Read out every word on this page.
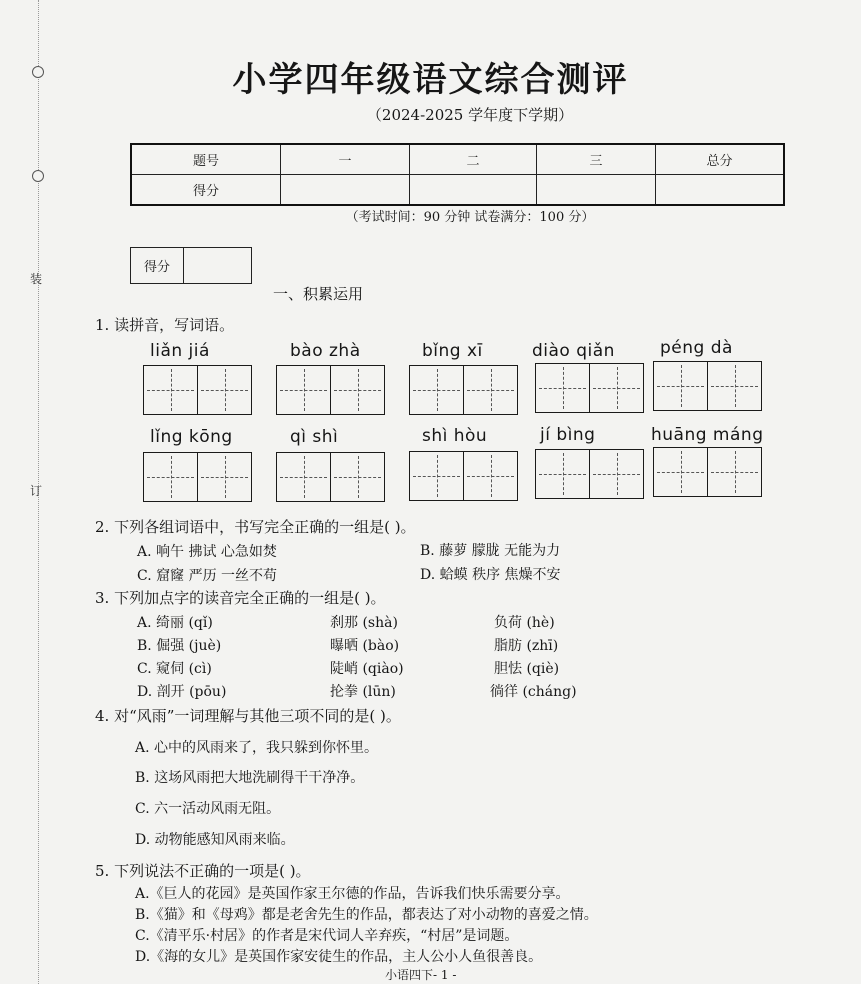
装
订
小学四年级语文综合测评
（2024-2025 学年度下学期）
题号	一	二	三	总分
得分				
（考试时间：90 分钟 试卷满分：100 分）
得分
一、积累运用
1. 读拼音，写词语。
liǎn jiá	bào zhà	bǐng xī	diào qiǎn	péng dà
lǐng kōng	qì shì	shì hòu	jí bìng	huāng máng
2. 下列各组词语中，书写完全正确的一组是( )。
A. 响午 拂试 心急如焚	B. 藤萝 朦胧 无能为力
C. 窟窿 严历 一丝不苟	D. 蛤蟆 秩序 焦燥不安
3. 下列加点字的读音完全正确的一组是( )。
A. 绮丽 (qǐ)	刹那 (shà)	负荷 (hè)
B. 倔强 (juè)	曝晒 (bào)	脂肪 (zhī)
C. 窥伺 (cì)	陡峭 (qiào)	胆怯 (qiè)
D. 剖开 (pōu)	抡拳 (lūn)	徜徉 (cháng)
4. 对“风雨”一词理解与其他三项不同的是( )。
A. 心中的风雨来了，我只躲到你怀里。
B. 这场风雨把大地洗刷得干干净净。
C. 六一活动风雨无阻。
D. 动物能感知风雨来临。
5. 下列说法不正确的一项是( )。
A.《巨人的花园》是英国作家王尔德的作品，告诉我们快乐需要分享。
B.《猫》和《母鸡》都是老舍先生的作品，都表达了对小动物的喜爱之情。
C.《清平乐·村居》的作者是宋代词人辛弃疾，“村居”是词题。
D.《海的女儿》是英国作家安徒生的作品，主人公小人鱼很善良。
小语四下- 1 -
